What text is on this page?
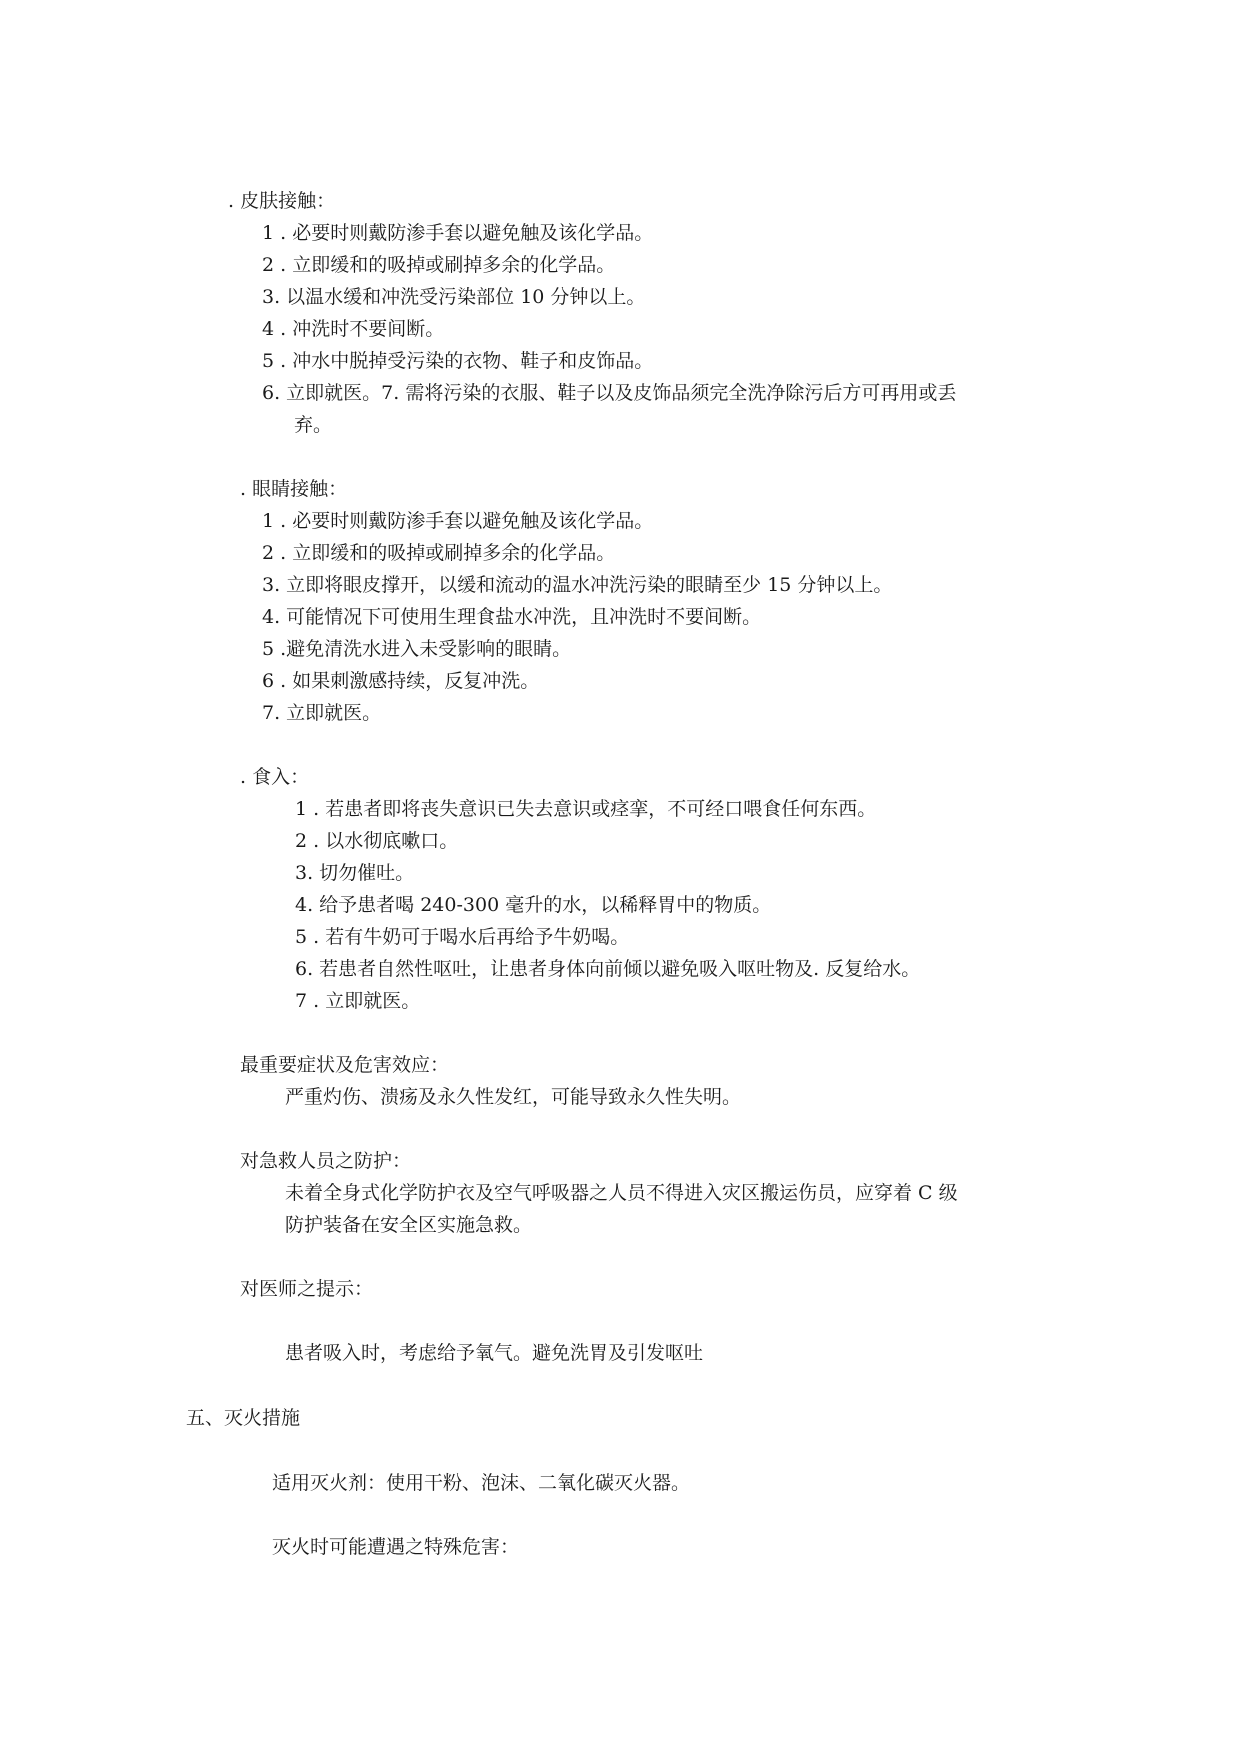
. 皮肤接触：
1 . 必要时则戴防渗手套以避免触及该化学品。
2 . 立即缓和的吸掉或刷掉多余的化学品。
3. 以温水缓和冲洗受污染部位 10 分钟以上。
4 . 冲洗时不要间断。
5 . 冲水中脱掉受污染的衣物、鞋子和皮饰品。
6. 立即就医。7. 需将污染的衣服、鞋子以及皮饰品须完全洗净除污后方可再用或丢
弃。
. 眼睛接触：
1 . 必要时则戴防渗手套以避免触及该化学品。
2 . 立即缓和的吸掉或刷掉多余的化学品。
3. 立即将眼皮撑开，以缓和流动的温水冲洗污染的眼睛至少 15 分钟以上。
4. 可能情况下可使用生理食盐水冲洗，且冲洗时不要间断。
5 .避免清洗水进入未受影响的眼睛。
6 . 如果刺激感持续，反复冲洗。
7. 立即就医。
. 食入：
1 . 若患者即将丧失意识已失去意识或痉挛，不可经口喂食任何东西。
2 . 以水彻底嗽口。
3. 切勿催吐。
4. 给予患者喝 240-300 毫升的水，以稀释胃中的物质。
5 . 若有牛奶可于喝水后再给予牛奶喝。
6. 若患者自然性呕吐，让患者身体向前倾以避免吸入呕吐物及. 反复给水。
7 . 立即就医。
最重要症状及危害效应：
严重灼伤、溃疡及永久性发红，可能导致永久性失明。
对急救人员之防护：
未着全身式化学防护衣及空气呼吸器之人员不得进入灾区搬运伤员，应穿着 C 级
防护装备在安全区实施急救。
对医师之提示：
患者吸入时，考虑给予氧气。避免洗胃及引发呕吐
五、灭火措施
适用灭火剂：使用干粉、泡沫、二氧化碳灭火器。
灭火时可能遭遇之特殊危害：
